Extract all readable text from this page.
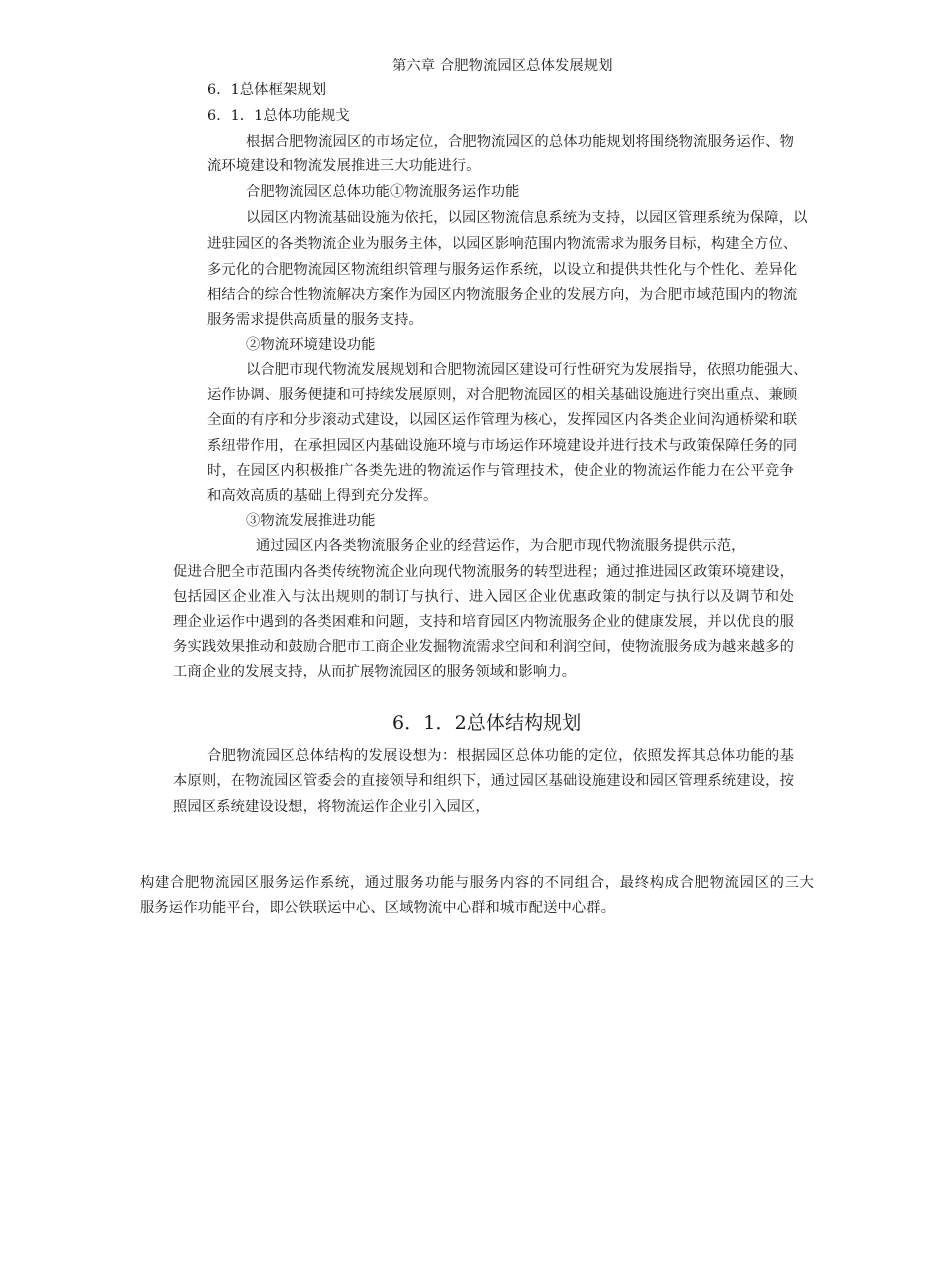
第六章 合肥物流园区总体发展规划
6．1总体框架规划
6．1．1总体功能规戈
根据合肥物流园区的市场定位，合肥物流园区的总体功能规划将围绕物流服务运作、物
流环境建设和物流发展推进三大功能进行。
合肥物流园区总体功能①物流服务运作功能
以园区内物流基础设施为依托，以园区物流信息系统为支持，以园区管理系统为保障，以
进驻园区的各类物流企业为服务主体，以园区影响范围内物流需求为服务目标，构建全方位、
多元化的合肥物流园区物流组织管理与服务运作系统，以设立和提供共性化与个性化、差异化
相结合的综合性物流解决方案作为园区内物流服务企业的发展方向，为合肥市域范围内的物流
服务需求提供高质量的服务支持。
②物流环境建设功能
以合肥市现代物流发展规划和合肥物流园区建设可行性研究为发展指导，依照功能强大、
运作协调、服务便捷和可持续发展原则，对合肥物流园区的相关基础设施进行突出重点、兼顾
全面的有序和分步滚动式建设，以园区运作管理为核心，发挥园区内各类企业间沟通桥梁和联
系纽带作用，在承担园区内基础设施环境与市场运作环境建设并进行技术与政策保障任务的同
时，在园区内积极推广各类先进的物流运作与管理技术，使企业的物流运作能力在公平竞争
和高效高质的基础上得到充分发挥。
③物流发展推进功能
通过园区内各类物流服务企业的经营运作，为合肥市现代物流服务提供示范，
促进合肥全市范围内各类传统物流企业向现代物流服务的转型进程；通过推进园区政策环境建设，
包括园区企业准入与汰出规则的制订与执行、进入园区企业优惠政策的制定与执行以及调节和处
理企业运作中遇到的各类困难和问题，支持和培育园区内物流服务企业的健康发展，并以优良的服
务实践效果推动和鼓励合肥市工商企业发掘物流需求空间和利润空间，使物流服务成为越来越多的
工商企业的发展支持，从而扩展物流园区的服务领域和影响力。
6．1．2总体结构规划
合肥物流园区总体结构的发展设想为：根据园区总体功能的定位，依照发挥其总体功能的基
本原则，在物流园区管委会的直接领导和组织下，通过园区基础设施建设和园区管理系统建设，按
照园区系统建设设想，将物流运作企业引入园区，
构建合肥物流园区服务运作系统，通过服务功能与服务内容的不同组合，最终构成合肥物流园区的三大
服务运作功能平台，即公铁联运中心、区域物流中心群和城市配送中心群。
